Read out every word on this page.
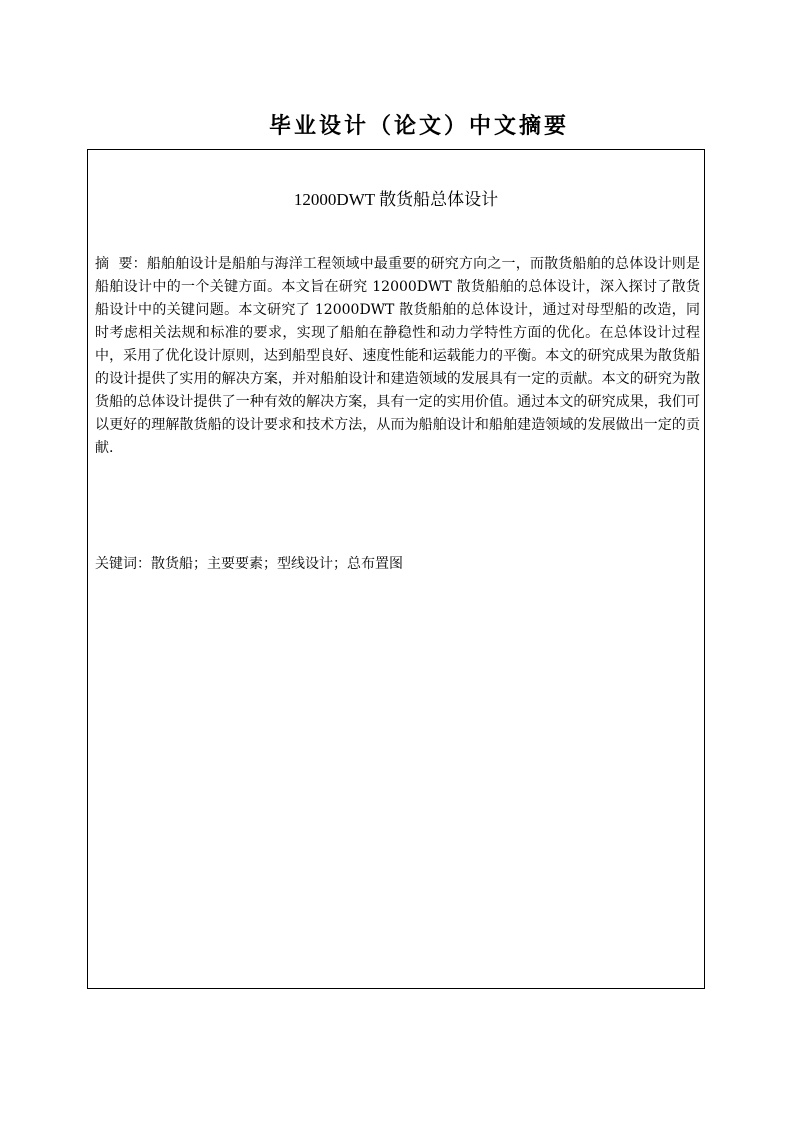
毕业设计（论文）中文摘要
12000DWT 散货船总体设计

摘  要：船舶舶设计是船舶与海洋工程领域中最重要的研究方向之一，而散货船舶的总体设计则是船舶设计中的一个关键方面。本文旨在研究 12000DWT 散货船舶的总体设计，深入探讨了散货船设计中的关键问题。本文研究了 12000DWT 散货船舶的总体设计，通过对母型船的改造，同时考虑相关法规和标准的要求，实现了船舶在静稳性和动力学特性方面的优化。在总体设计过程中，采用了优化设计原则，达到船型良好、速度性能和运载能力的平衡。本文的研究成果为散货船的设计提供了实用的解决方案，并对船舶设计和建造领域的发展具有一定的贡献。本文的研究为散货船的总体设计提供了一种有效的解决方案，具有一定的实用价值。通过本文的研究成果，我们可以更好的理解散货船的设计要求和技术方法，从而为船舶设计和船舶建造领域的发展做出一定的贡献.

关键词：散货船；主要要素；型线设计；总布置图
